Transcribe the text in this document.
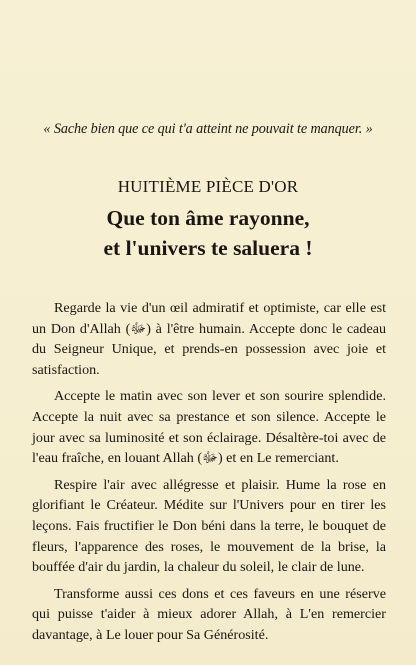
« Sache bien que ce qui t'a atteint ne pouvait te manquer. »
HUITIÈME PIÈCE D'OR
Que ton âme rayonne,
et l'univers te saluera !

Regarde la vie d'un œil admiratif et optimiste, car elle est un Don d'Allah (ﷻ) à l'être humain. Accepte donc le cadeau du Seigneur Unique, et prends-en possession avec joie et satisfaction.

Accepte le matin avec son lever et son sourire splendide. Accepte la nuit avec sa prestance et son silence. Accepte le jour avec sa luminosité et son éclairage. Désaltère-toi avec de l'eau fraîche, en louant Allah (ﷻ) et en Le remerciant.

Respire l'air avec allégresse et plaisir. Hume la rose en glorifiant le Créateur. Médite sur l'Univers pour en tirer les leçons. Fais fructifier le Don béni dans la terre, le bouquet de fleurs, l'apparence des roses, le mouvement de la brise, la bouffée d'air du jardin, la chaleur du soleil, le clair de lune.

Transforme aussi ces dons et ces faveurs en une réserve qui puisse t'aider à mieux adorer Allah, à L'en remercier davantage, à Le louer pour Sa Générosité.
